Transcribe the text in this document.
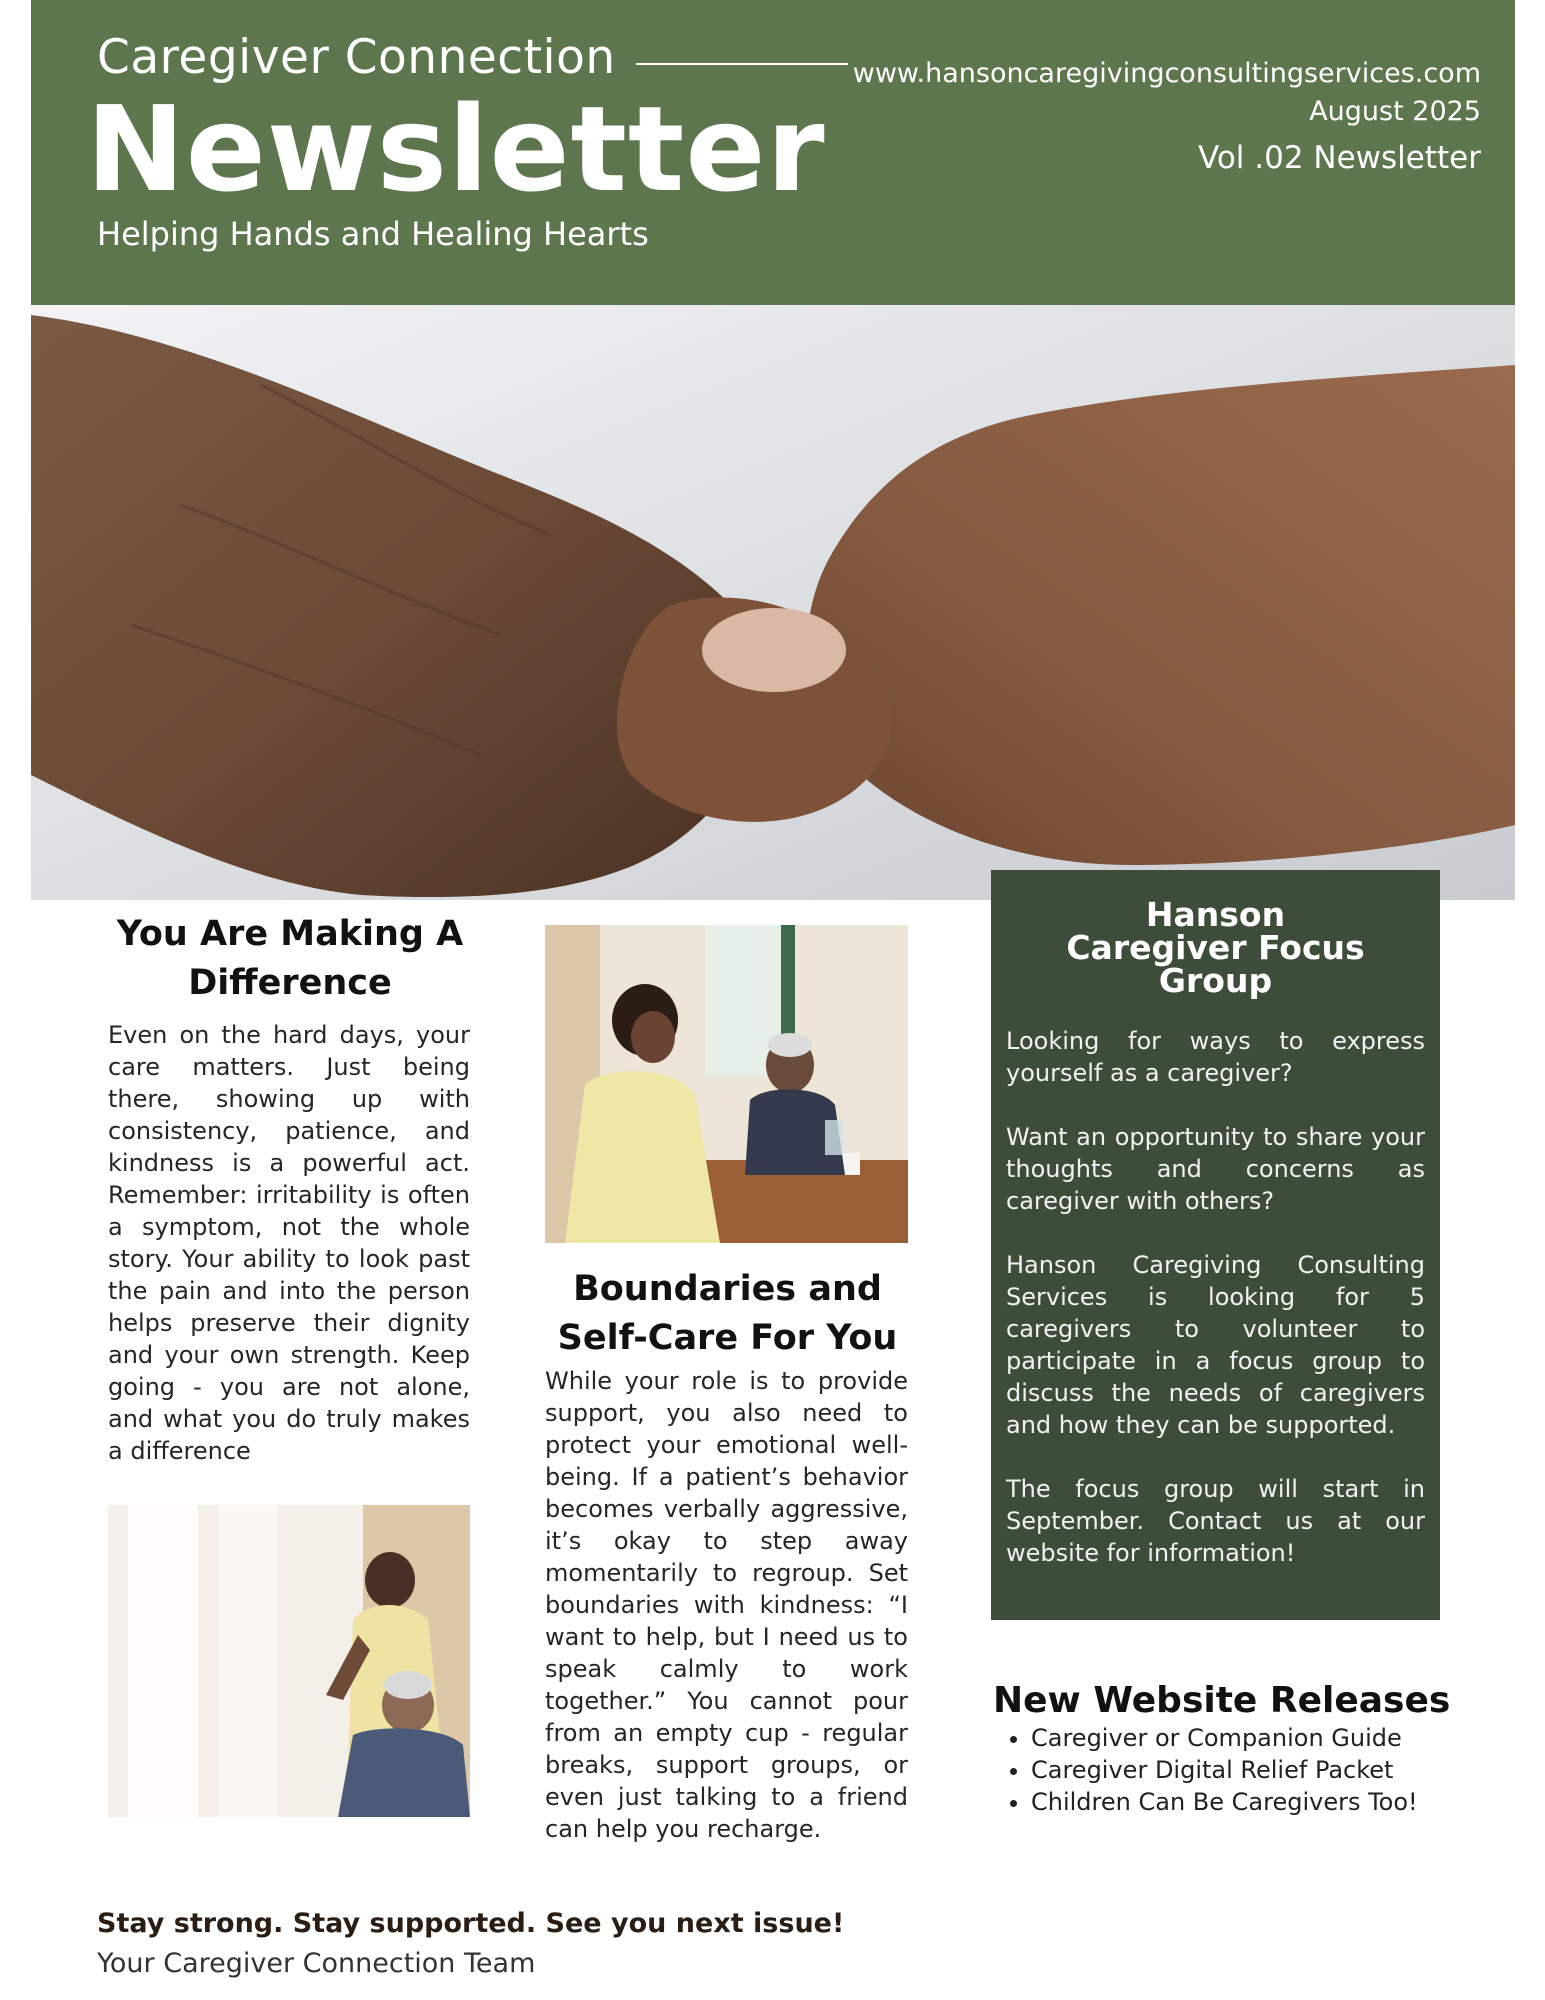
Caregiver Connection
Newsletter
Helping Hands and Healing Hearts
www.hansoncaregivingconsultingservices.com
August 2025
Vol .02 Newsletter
You Are Making A Difference
Even on the hard days, your care matters. Just being there, showing up with consistency, patience, and kindness is a powerful act. Remember: irritability is often a symptom, not the whole story. Your ability to look past the pain and into the person helps preserve their dignity and your own strength. Keep going - you are not alone, and what you do truly makes a difference
Boundaries and Self-Care For You
While your role is to provide support, you also need to protect your emotional well-being. If a patient’s behavior becomes verbally aggressive, it’s okay to step away momentarily to regroup. Set boundaries with kindness: “I want to help, but I need us to speak calmly to work together.” You cannot pour from an empty cup - regular breaks, support groups, or even just talking to a friend can help you recharge.
Hanson
Caregiver Focus
Group

Looking for ways to express yourself as a caregiver?

Want an opportunity to share your thoughts and concerns as caregiver with others?

Hanson Caregiving Consulting Services is looking for 5 caregivers to volunteer to participate in a focus group to discuss the needs of caregivers and how they can be supported.

The focus group will start in September. Contact us at our website for information!

New Website Releases
• Caregiver or Companion Guide
• Caregiver Digital Relief Packet
• Children Can Be Caregivers Too!
Stay strong. Stay supported. See you next issue!
Your Caregiver Connection Team
